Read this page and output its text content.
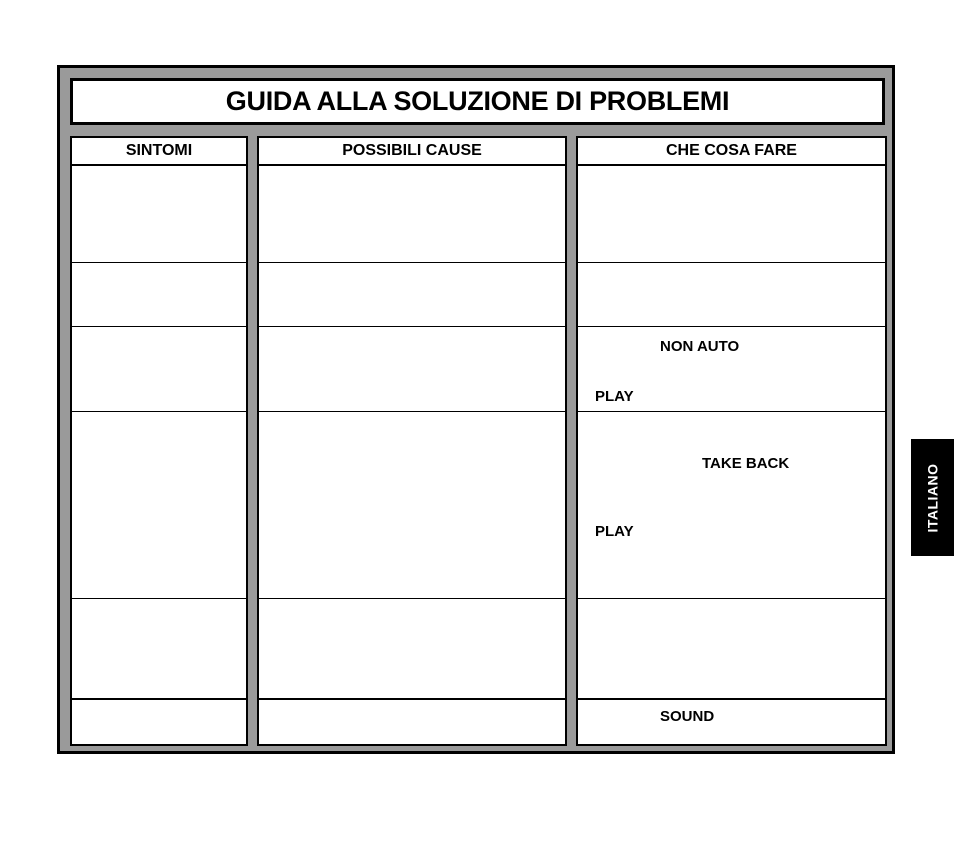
GUIDA ALLA SOLUZIONE DI PROBLEMI
SINTOMI	POSSIBILI CAUSE	CHE COSA FARE
NON AUTO
PLAY
TAKE BACK
PLAY
SOUND
ITALIANO
